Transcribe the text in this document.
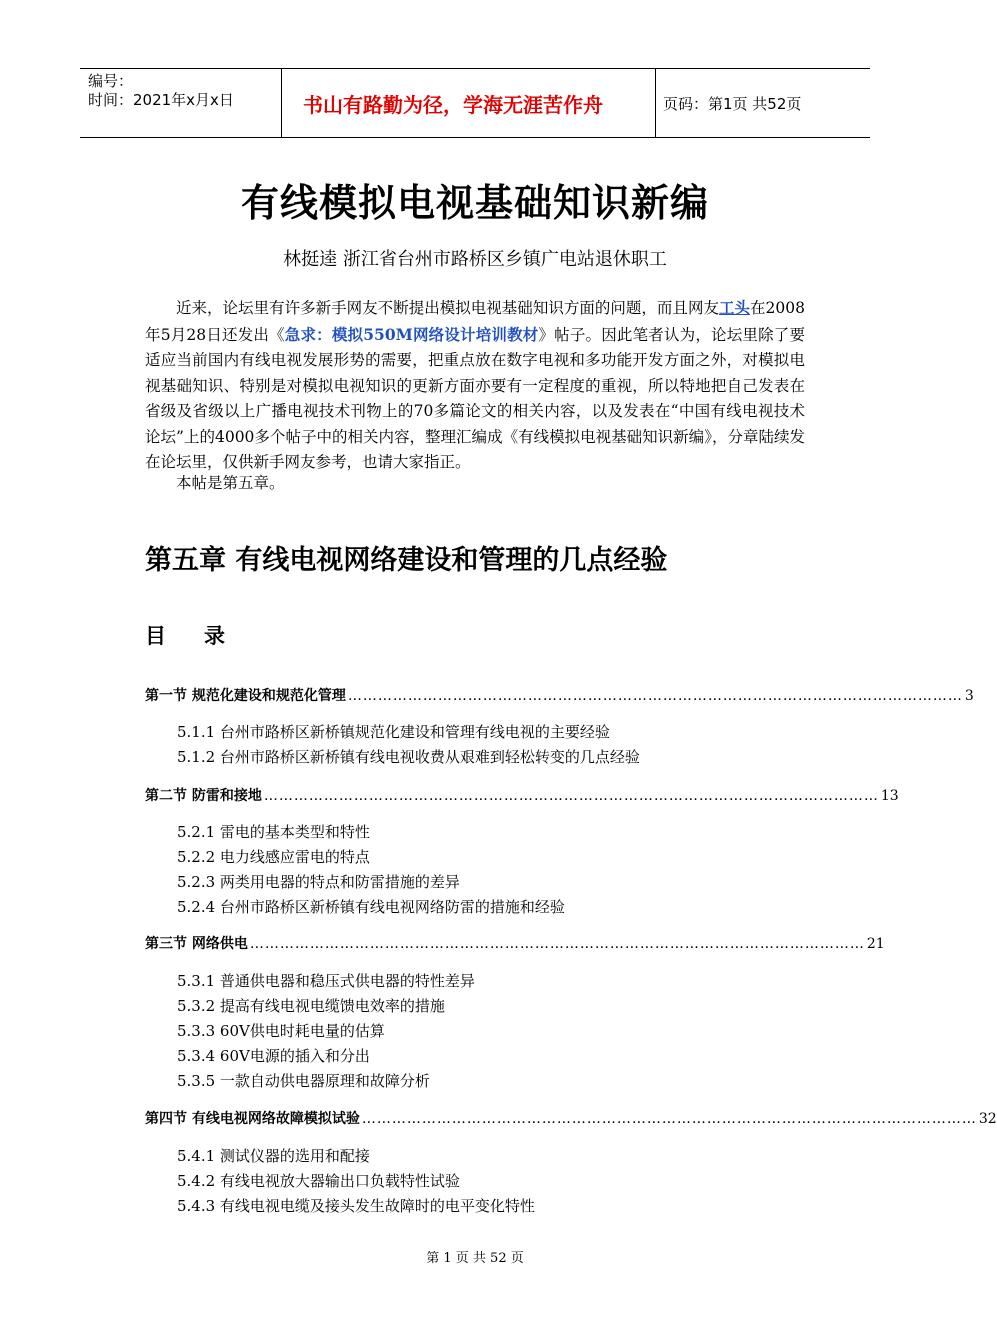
编号：
时间：2021年x月x日	书山有路勤为径，学海无涯苦作舟	页码：第1页 共52页
有线模拟电视基础知识新编
林挺逵 浙江省台州市路桥区乡镇广电站退休职工

近来，论坛里有许多新手网友不断提出模拟电视基础知识方面的问题，而且网友工头在2008年5月28日还发出《急求：模拟550M网络设计培训教材》帖子。因此笔者认为，论坛里除了要适应当前国内有线电视发展形势的需要，把重点放在数字电视和多功能开发方面之外，对模拟电视基础知识、特别是对模拟电视知识的更新方面亦要有一定程度的重视，所以特地把自己发表在省级及省级以上广播电视技术刊物上的70多篇论文的相关内容，以及发表在“中国有线电视技术论坛”上的4000多个帖子中的相关内容，整理汇编成《有线模拟电视基础知识新编》，分章陆续发在论坛里，仅供新手网友参考，也请大家指正。

本帖是第五章。

第五章 有线电视网络建设和管理的几点经验
目 录
第一节 规范化建设和规范化管理 …………………………………………………………………………………………………………… 3
5.1.1 台州市路桥区新桥镇规范化建设和管理有线电视的主要经验
5.1.2 台州市路桥区新桥镇有线电视收费从艰难到轻松转变的几点经验
第二节 防雷和接地 …………………………………………………………………………………………………………… 13
5.2.1 雷电的基本类型和特性
5.2.2 电力线感应雷电的特点
5.2.3 两类用电器的特点和防雷措施的差异
5.2.4 台州市路桥区新桥镇有线电视网络防雷的措施和经验
第三节 网络供电 …………………………………………………………………………………………………………… 21
5.3.1 普通供电器和稳压式供电器的特性差异
5.3.2 提高有线电视电缆馈电效率的措施
5.3.3 60V供电时耗电量的估算
5.3.4 60V电源的插入和分出
5.3.5 一款自动供电器原理和故障分析
第四节 有线电视网络故障模拟试验 …………………………………………………………………………………………………………… 32
5.4.1 测试仪器的选用和配接
5.4.2 有线电视放大器输出口负载特性试验
5.4.3 有线电视电缆及接头发生故障时的电平变化特性
第 1 页 共 52 页
